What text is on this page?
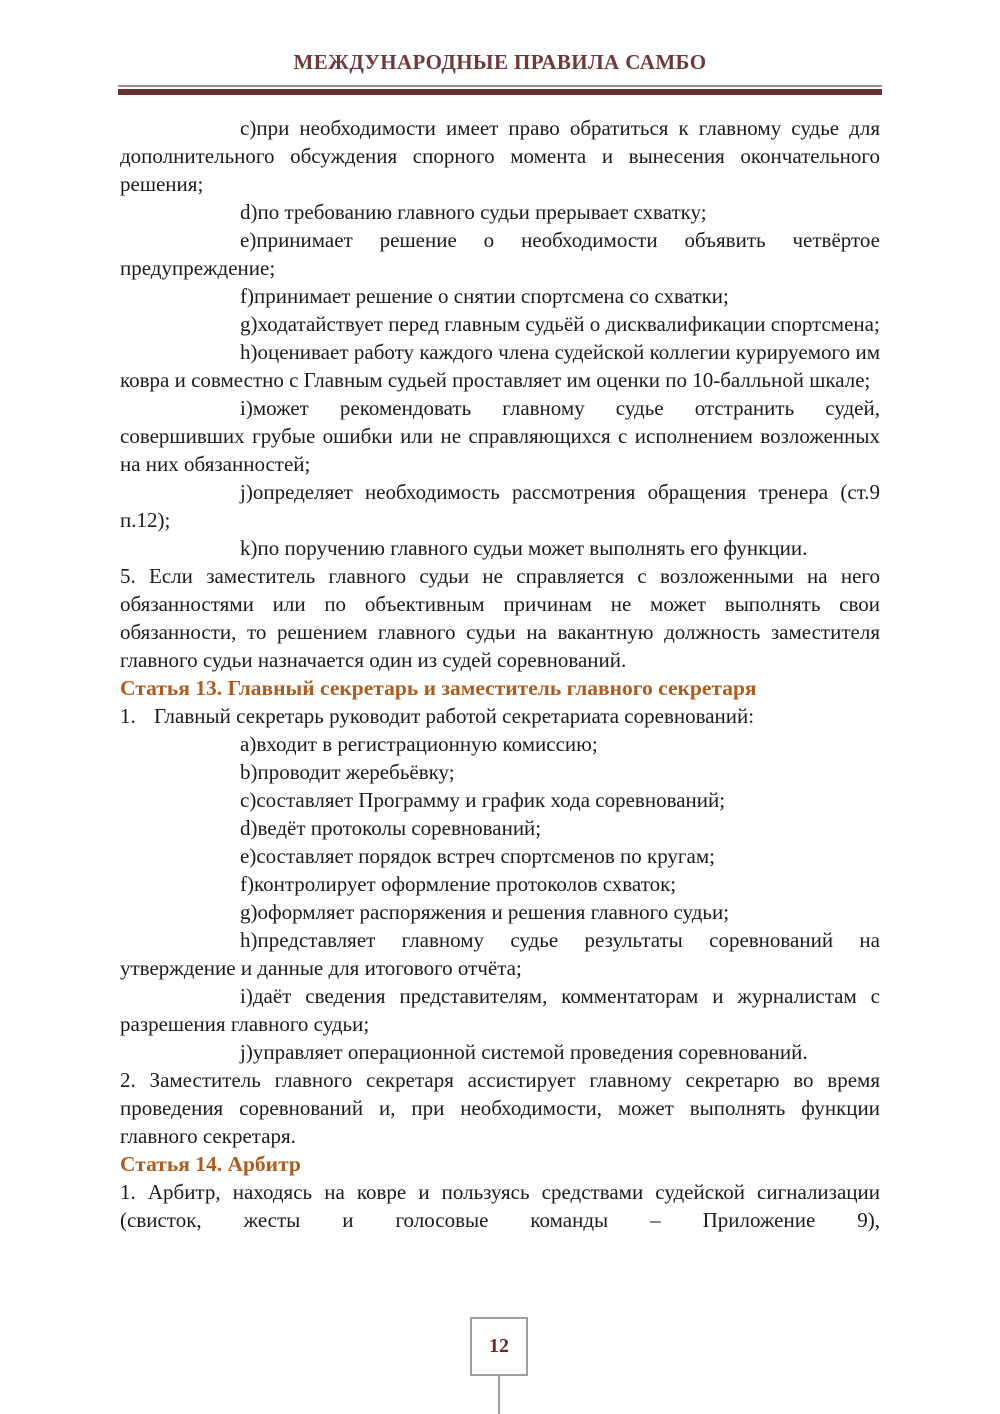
МЕЖДУНАРОДНЫЕ ПРАВИЛА САМБО

c)при необходимости имеет право обратиться к главному судье для дополнительного обсуждения спорного момента и вынесения окончательного решения;

d)по требованию главного судьи прерывает схватку;

e)принимает решение о необходимости объявить четвёртое предупреждение;

f)принимает решение о снятии спортсмена со схватки;

g)ходатайствует перед главным судьёй о дисквалификации спортсмена;

h)оценивает работу каждого члена судейской коллегии курируемого им ковра и совместно с Главным судьей проставляет им оценки по 10-балльной шкале;

i)может рекомендовать главному судье отстранить судей, совершивших грубые ошибки или не справляющихся с исполнением возложенных на них обязанностей;

j)определяет необходимость рассмотрения обращения тренера (ст.9 п.12);

k)по поручению главного судьи может выполнять его функции.

5. Если заместитель главного судьи не справляется с возложенными на него обязанностями или по объективным причинам не может выполнять свои обязанности, то решением главного судьи на вакантную должность заместителя главного судьи назначается один из судей соревнований.

Статья 13. Главный секретарь и заместитель главного секретаря

1. Главный секретарь руководит работой секретариата соревнований:

a)входит в регистрационную комиссию;

b)проводит жеребьёвку;

c)составляет Программу и график хода соревнований;

d)ведёт протоколы соревнований;

e)составляет порядок встреч спортсменов по кругам;

f)контролирует оформление протоколов схваток;

g)оформляет распоряжения и решения главного судьи;

h)представляет главному судье результаты соревнований на утверждение и данные для итогового отчёта;

i)даёт сведения представителям, комментаторам и журналистам с разрешения главного судьи;

j)управляет операционной системой проведения соревнований.

2. Заместитель главного секретаря ассистирует главному секретарю во время проведения соревнований и, при необходимости, может выполнять функции главного секретаря.

Статья 14. Арбитр

1. Арбитр, находясь на ковре и пользуясь средствами судейской сигнализации (свисток, жесты и голосовые команды – Приложение 9),

12
